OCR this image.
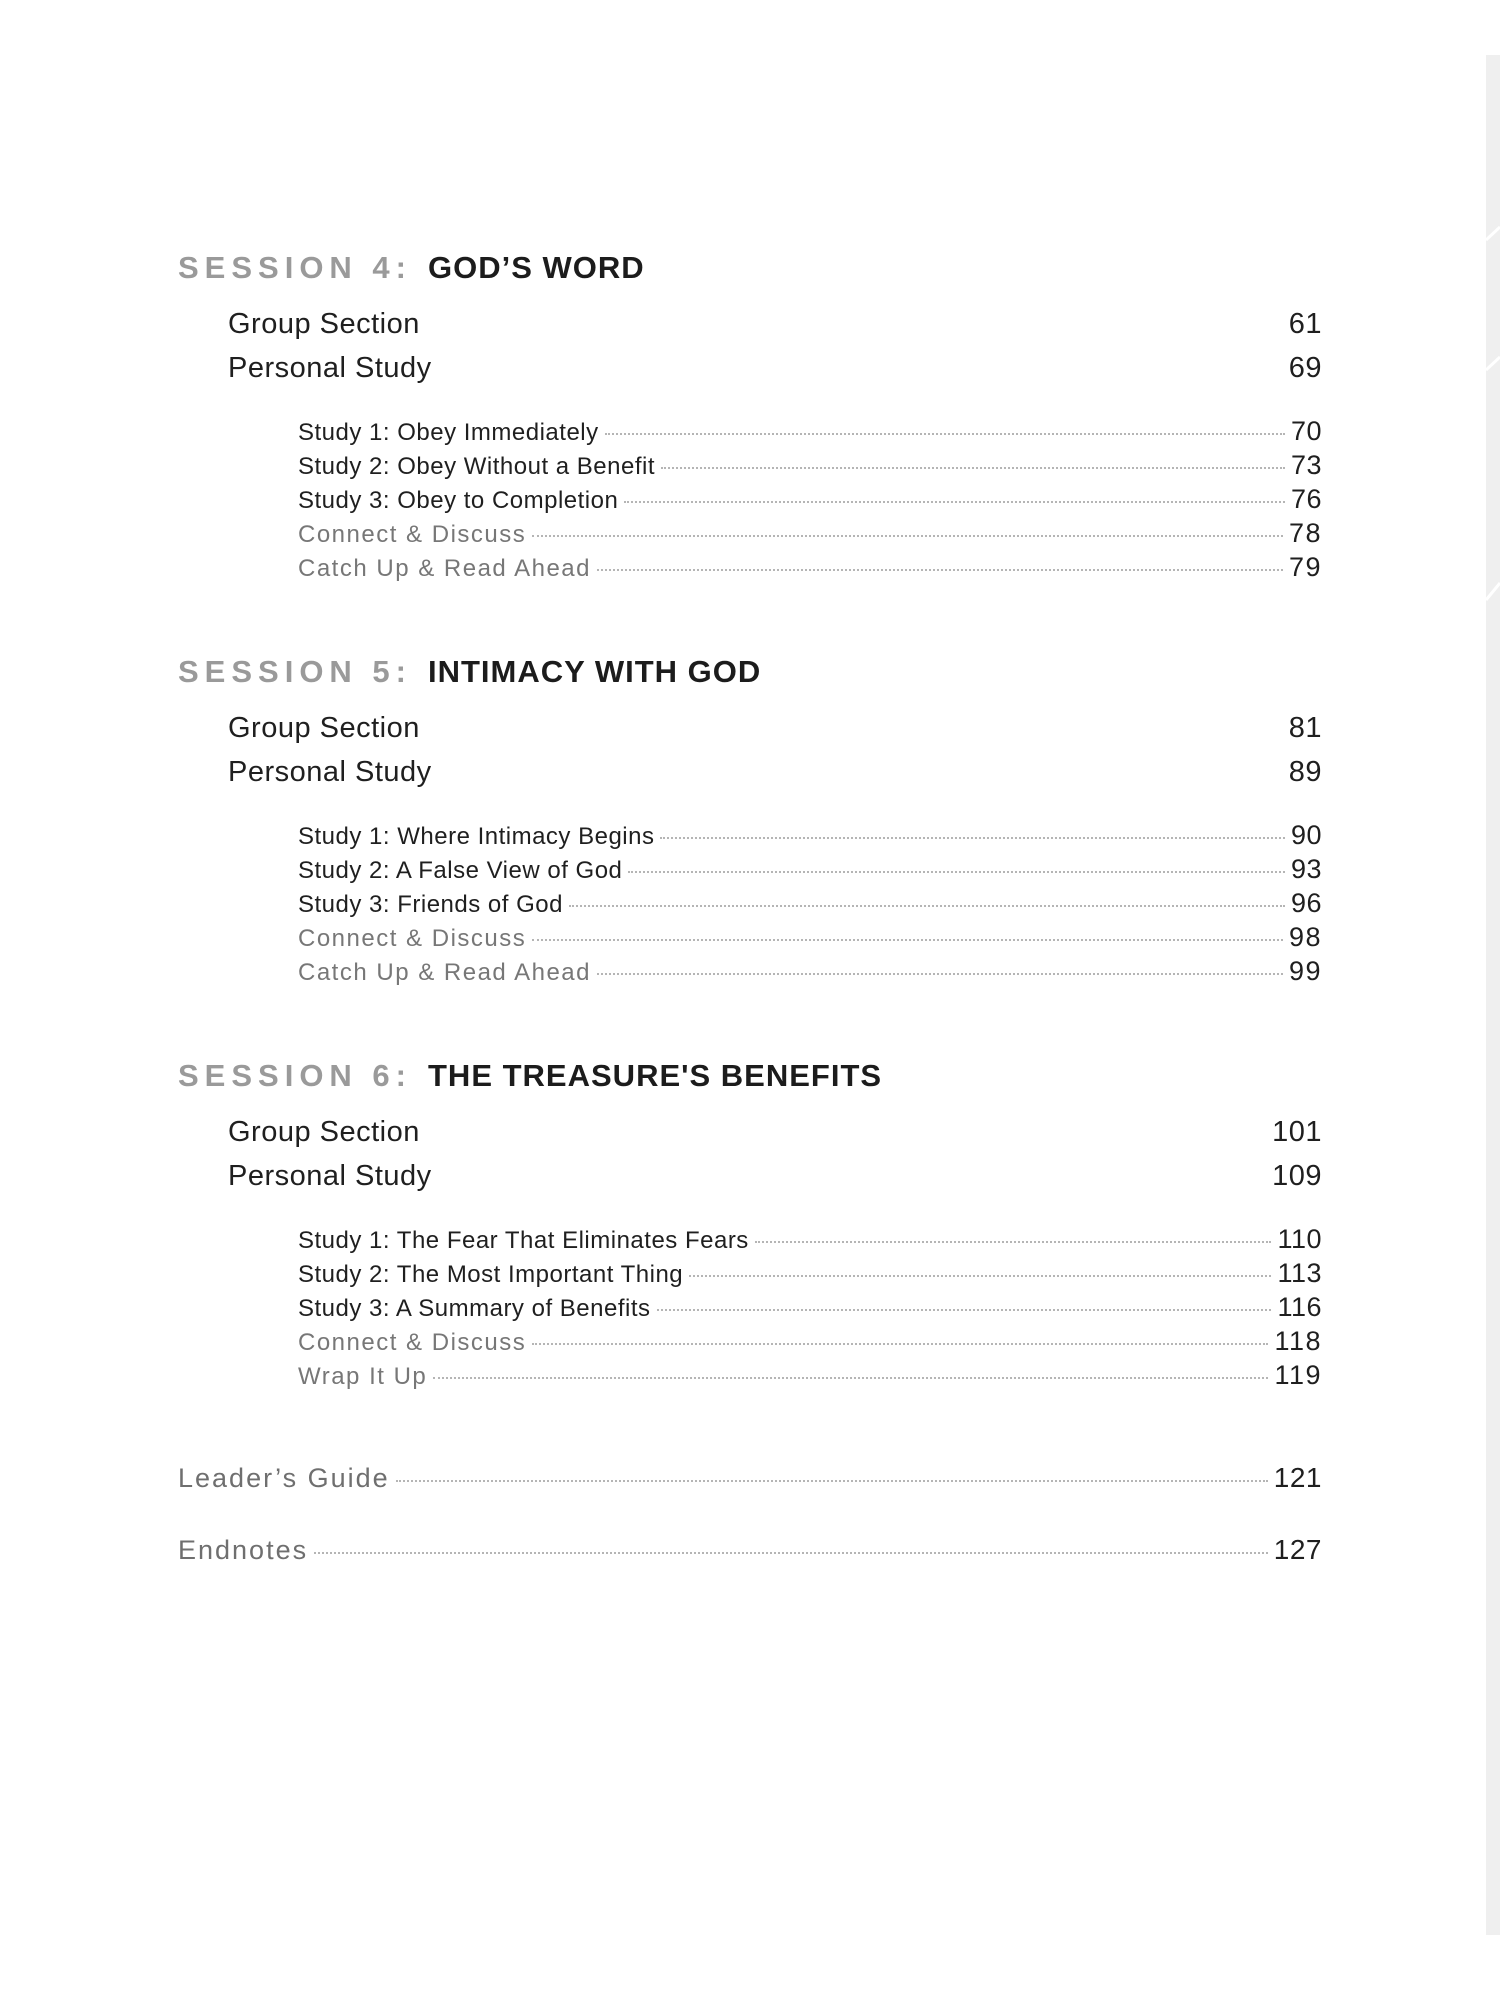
SESSION 4: GOD’S WORD
Group Section	61
Personal Study	69
Study 1: Obey Immediately	70
Study 2: Obey Without a Benefit	73
Study 3: Obey to Completion	76
Connect & Discuss	78
Catch Up & Read Ahead	79
SESSION 5: INTIMACY WITH GOD
Group Section	81
Personal Study	89
Study 1: Where Intimacy Begins	90
Study 2: A False View of God	93
Study 3: Friends of God	96
Connect & Discuss	98
Catch Up & Read Ahead	99
SESSION 6: THE TREASURE'S BENEFITS
Group Section	101
Personal Study	109
Study 1: The Fear That Eliminates Fears	110
Study 2: The Most Important Thing	113
Study 3: A Summary of Benefits	116
Connect & Discuss	118
Wrap It Up	119
Leader’s Guide	121
Endnotes	127
